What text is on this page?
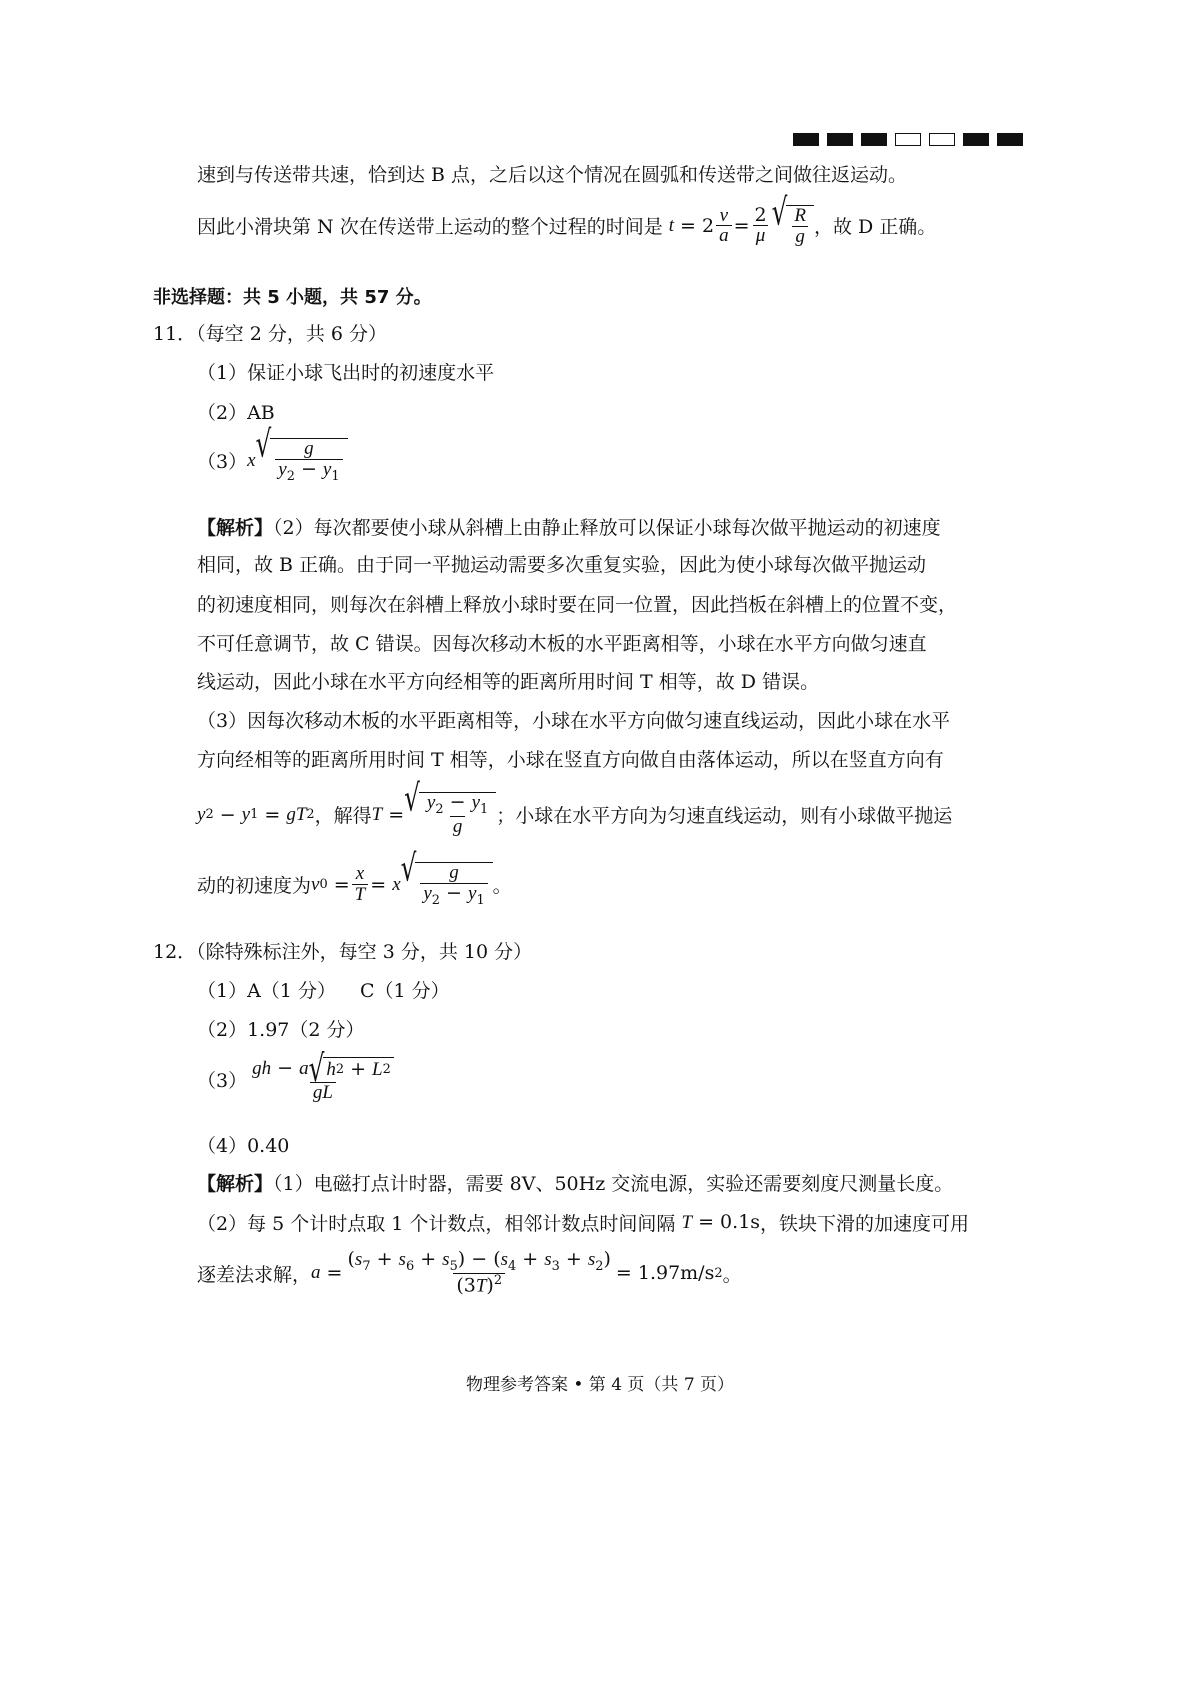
速到与传送带共速，恰到达 B 点，之后以这个情况在圆弧和传送带之间做往返运动。
因此小滑块第 N 次在传送带上运动的整个过程的时间是 $t = 2 \frac{v}{a} = \frac{2}{\mu}$ √ $\frac{R}{g}$ ，故 D 正确。
非选择题：共 5 小题，共 57 分。
11．（每空 2 分，共 6 分）
（1）保证小球飞出时的初速度水平
（2）AB
（3） x √ $\frac{g}{y_2 - y_1}$
【解析】（2）每次都要使小球从斜槽上由静止释放可以保证小球每次做平抛运动的初速度
相同，故 B 正确。由于同一平抛运动需要多次重复实验，因此为使小球每次做平抛运动
的初速度相同，则每次在斜槽上释放小球时要在同一位置，因此挡板在斜槽上的位置不变，
不可任意调节，故 C 错误。因每次移动木板的水平距离相等，小球在水平方向做匀速直
线运动，因此小球在水平方向经相等的距离所用时间 T 相等，故 D 错误。
（3）因每次移动木板的水平距离相等，小球在水平方向做匀速直线运动，因此小球在水平
方向经相等的距离所用时间 T 相等，小球在竖直方向做自由落体运动，所以在竖直方向有
y 2 − y 1 = gT 2 ，解得 T = √ $\frac{y_2 - y_1}{g}$ ；小球在水平方向为匀速直线运动，则有小球做平抛运
动的初速度为 v $0 = \frac{x}{T} = x$ √ $\frac{g}{y_2 - y_1}$ 。
12．（除特殊标注外，每空 3 分，共 10 分）
（1）A（1 分） C（1 分）
（2）1.97（2 分）
$(3) \frac{gh - a √ h 2 + L 2}{gL}$
（4）0.40
【解析】（1）电磁打点计时器，需要 8V、50Hz 交流电源，实验还需要刻度尺测量长度。
（2）每 5 个计时点取 1 个计数点，相邻计数点时间间隔 T = 0.1s ，铁块下滑的加速度可用
逐差法求解， $a = \frac{(s_7 + s_6 + s_5) - (s_4 + s_3 + s_2)}{(3T)^2} = 1.97m/s$ 2 。
物理参考答案 • 第 4 页（共 7 页）
